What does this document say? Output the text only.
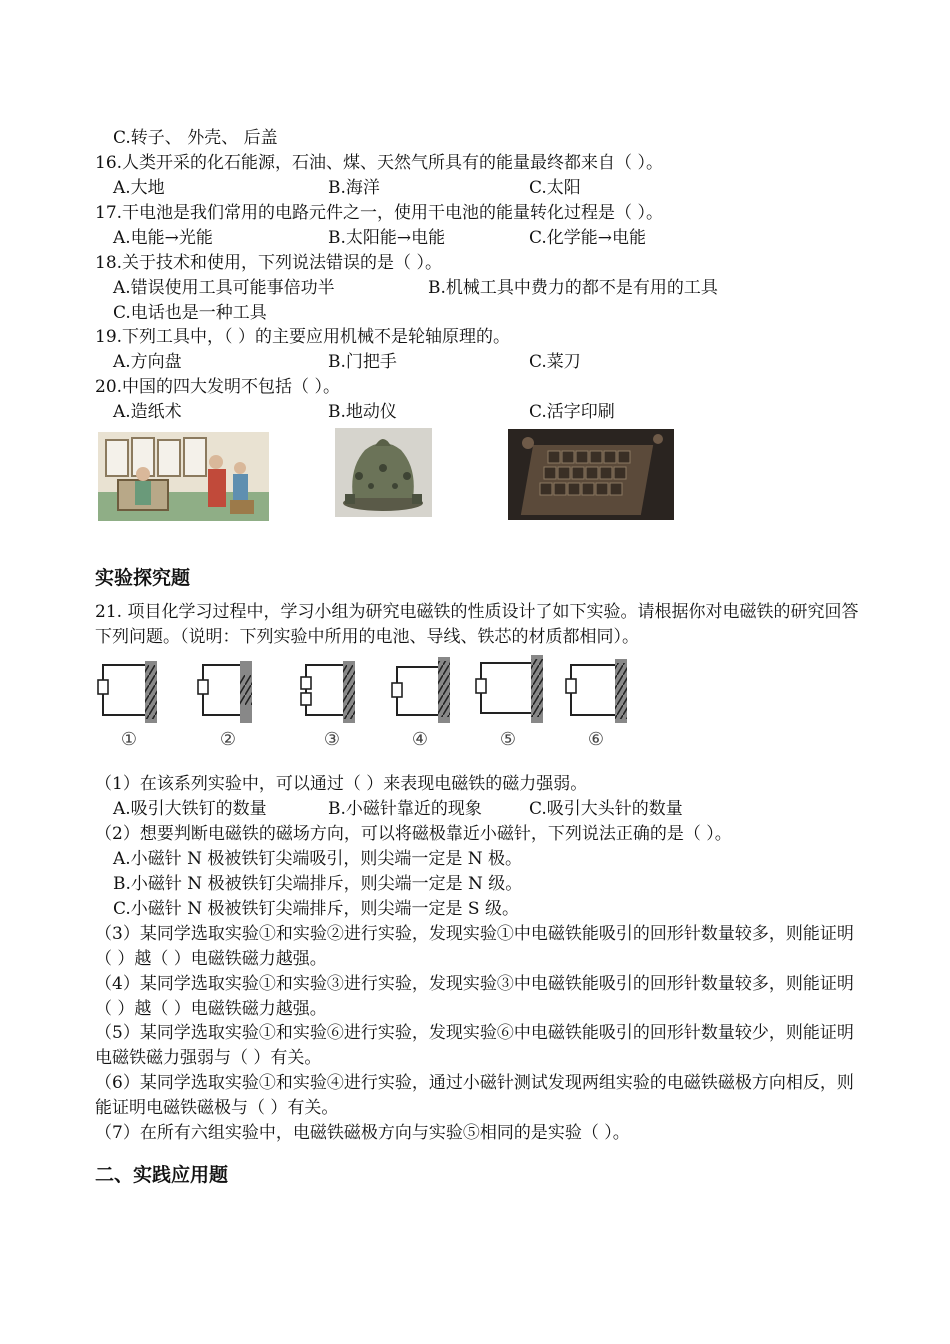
C.转子、 外壳、 后盖
16.人类开采的化石能源，石油、煤、天然气所具有的能量最终都来自（ ）。
A.大地	B.海洋	C.太阳
17.干电池是我们常用的电路元件之一，使用干电池的能量转化过程是（ ）。
A.电能→光能	B.太阳能→电能	C.化学能→电能
18.关于技术和使用，下列说法错误的是（ ）。
A.错误使用工具可能事倍功半	B.机械工具中费力的都不是有用的工具
C.电话也是一种工具
19.下列工具中，（ ）的主要应用机械不是轮轴原理的。
A.方向盘	B.门把手	C.菜刀
20.中国的四大发明不包括（ ）。
A.造纸术	B.地动仪	C.活字印刷
实验探究题
21. 项目化学习过程中，学习小组为研究电磁铁的性质设计了如下实验。请根据你对电磁铁的研究回答下列问题。（说明：下列实验中所用的电池、导线、铁芯的材质都相同）。
①	②	③	④	⑤	⑥
（1）在该系列实验中，可以通过（ ）来表现电磁铁的磁力强弱。
A.吸引大铁钉的数量	B.小磁针靠近的现象	C.吸引大头针的数量
（2）想要判断电磁铁的磁场方向，可以将磁极靠近小磁针，下列说法正确的是（ ）。
A.小磁针 N 极被铁钉尖端吸引，则尖端一定是 N 极。
B.小磁针 N 极被铁钉尖端排斥，则尖端一定是 N 级。
C.小磁针 N 极被铁钉尖端排斥，则尖端一定是 S 级。
（3）某同学选取实验①和实验②进行实验，发现实验①中电磁铁能吸引的回形针数量较多，则能证明（ ）越（ ）电磁铁磁力越强。
（4）某同学选取实验①和实验③进行实验，发现实验③中电磁铁能吸引的回形针数量较多，则能证明（ ）越（ ）电磁铁磁力越强。
（5）某同学选取实验①和实验⑥进行实验，发现实验⑥中电磁铁能吸引的回形针数量较少，则能证明电磁铁磁力强弱与（ ）有关。
（6）某同学选取实验①和实验④进行实验，通过小磁针测试发现两组实验的电磁铁磁极方向相反，则能证明电磁铁磁极与（ ）有关。
（7）在所有六组实验中，电磁铁磁极方向与实验⑤相同的是实验（ ）。
二、实践应用题
